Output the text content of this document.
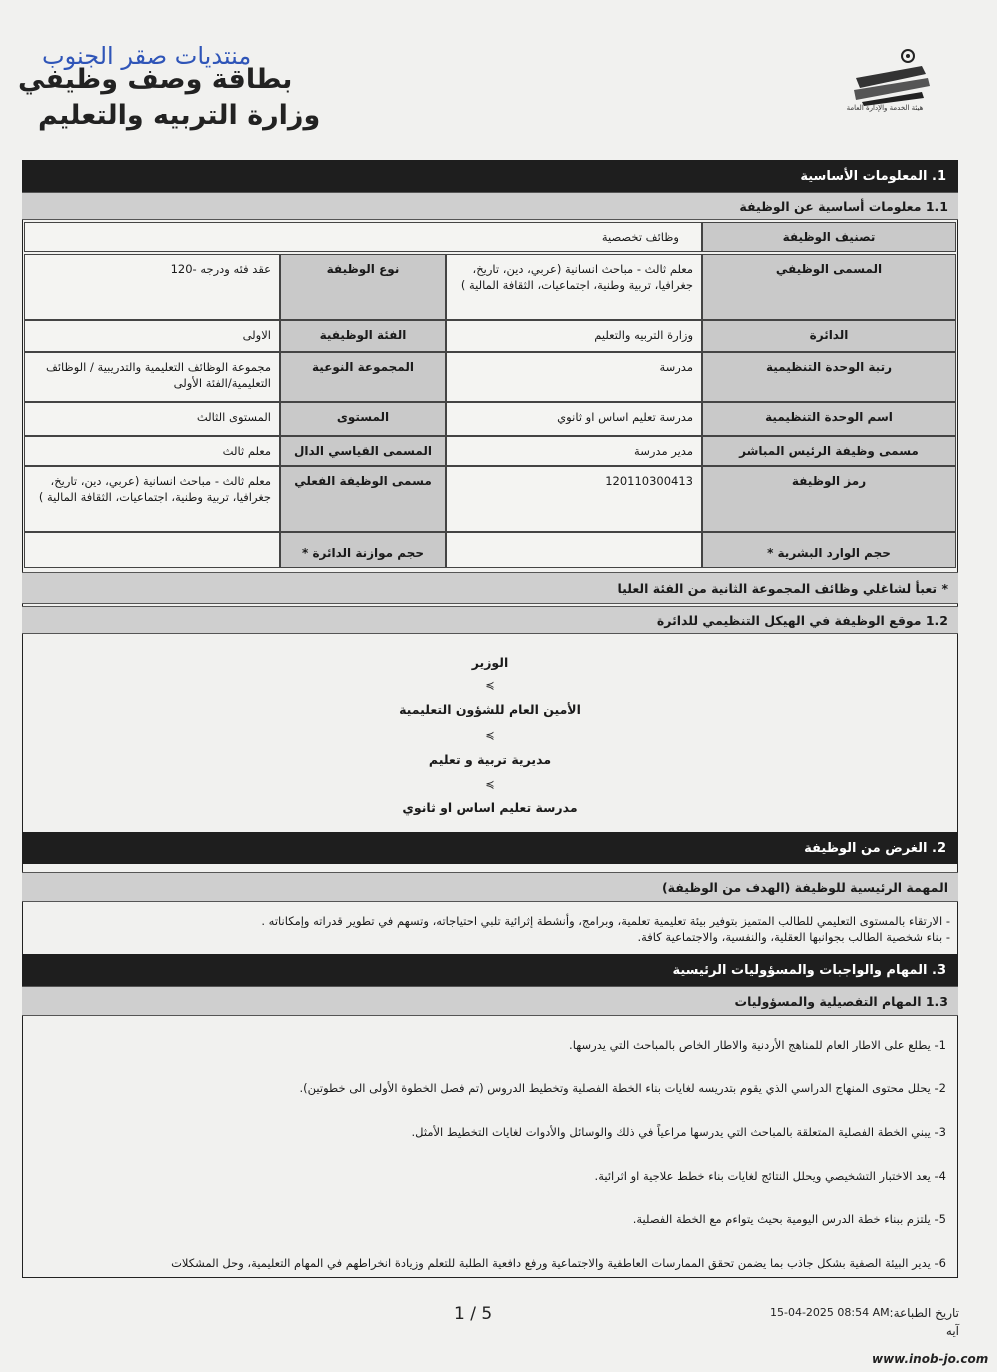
منتديات صقر الجنوب
بطاقة وصف وظيفي
وزارة التربيه والتعليم	هيئة الخدمة والإدارة العامة
1. المعلومات الأساسية
1.1 معلومات أساسية عن الوظيفة
تصنيف الوظيفة
وظائف تخصصية
المسمى الوظيفي
معلم ثالث - مباحث انسانية (عربي، دين، تاريخ، جغرافيا، تربية وطنية، اجتماعيات، الثقافة المالية )
نوع الوظيفة
عقد فئه ودرجه -120
الدائرة
وزارة التربيه والتعليم
الفئة الوظيفية
الاولى
رتبة الوحدة التنظيمية
مدرسة
المجموعة النوعية
مجموعة الوظائف التعليمية والتدريبية / الوظائف التعليمية/الفئة الأولى
اسم الوحدة التنظيمية
مدرسة تعليم اساس او ثانوي
المستوى
المستوى الثالث
مسمى وظيفة الرئيس المباشر
مدير مدرسة
المسمى القياسي الدال
معلم ثالث
رمز الوظيفة
120110300413
مسمى الوظيفة الفعلي
معلم ثالث - مباحث انسانية (عربي، دين، تاريخ، جغرافيا، تربية وطنية، اجتماعيات، الثقافة المالية )
حجم الوارد البشرية *
حجم موازنة الدائرة *
* تعبأ لشاغلي وظائف المجموعة الثانية من الفئة العليا
1.2 موقع الوظيفة في الهيكل التنظيمي للدائرة
الوزير
≽
الأمين العام للشؤون التعليمية
≽
مديرية تربية و تعليم
≽
مدرسة تعليم اساس او ثانوي
2. الغرض من الوظيفة
المهمة الرئيسية للوظيفة (الهدف من الوظيفة)
- الارتقاء بالمستوى التعليمي للطالب المتميز بتوفير بيئة تعليمية تعلمية، وبرامج، وأنشطة إثرائية تلبي احتياجاته، وتسهم في تطوير قدراته وإمكاناته .
- بناء شخصية الطالب بجوانبها العقلية، والنفسية، والاجتماعية كافة.
3. المهام والواجبات والمسؤوليات الرئيسية
1.3 المهام التفصيلية والمسؤوليات
1- يطلع على الاطار العام للمناهج الأردنية والاطار الخاص بالمباحث التي يدرسها.
2- يحلل محتوى المنهاج الدراسي الذي يقوم بتدريسه لغايات بناء الخطة الفصلية وتخطيط الدروس (تم فصل الخطوة الأولى الى خطوتين).
3- يبني الخطة الفصلية المتعلقة بالمباحث التي يدرسها مراعياً في ذلك والوسائل والأدوات لغايات التخطيط الأمثل.
4- يعد الاختبار التشخيصي ويحلل النتائج لغايات بناء خطط علاجية او اثرائية.
5- يلتزم ببناء خطة الدرس اليومية بحيث يتواءم مع الخطة الفصلية.
6- يدير البيئة الصفية بشكل جاذب بما يضمن تحقق الممارسات العاطفية والاجتماعية ورفع دافعية الطلبة للتعلم وزيادة انخراطهم في المهام التعليمية، وحل المشكلات
1 / 5	تاريخ الطباعة:
15-04-2025 08:54 AM
آيه
www.inob-jo.com
